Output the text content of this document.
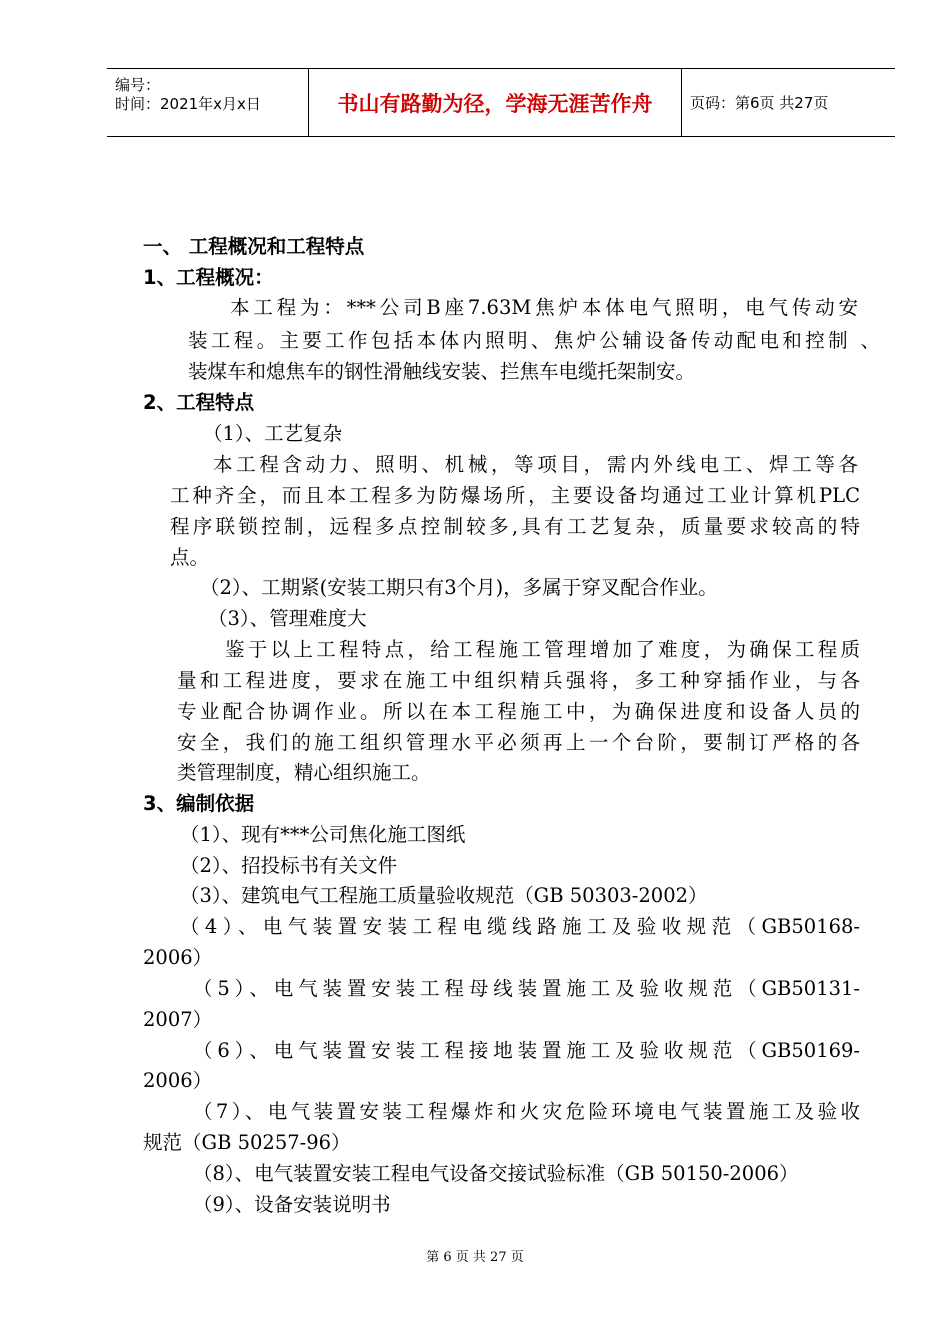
编号：
时间：2021年x月x日	书山有路勤为径，学海无涯苦作舟	页码：第6页 共27页
一、 工程概况和工程特点
1、工程概况：
本工程为：***公司B座7.63M焦炉本体电气照明，电气传动安
装工程。主要工作包括本体内照明、焦炉公辅设备传动配电和控制 、
装煤车和熄焦车的钢性滑触线安装、拦焦车电缆托架制安。
2、工程特点
（1）、工艺复杂
本工程含动力、照明、机械，等项目，需内外线电工、焊工等各
工种齐全，而且本工程多为防爆场所，主要设备均通过工业计算机PLC
程序联锁控制，远程多点控制较多,具有工艺复杂，质量要求较高的特
点。
（2）、工期紧(安装工期只有3个月)，多属于穿叉配合作业。
（3）、管理难度大
鉴于以上工程特点，给工程施工管理增加了难度，为确保工程质
量和工程进度，要求在施工中组织精兵强将，多工种穿插作业，与各
专业配合协调作业。所以在本工程施工中，为确保进度和设备人员的
安全，我们的施工组织管理水平必须再上一个台阶，要制订严格的各
类管理制度，精心组织施工。
3、编制依据
（1）、现有***公司焦化施工图纸
（2）、招投标书有关文件
（3）、建筑电气工程施工质量验收规范（GB 50303-2002）
（4）、电气装置安装工程电缆线路施工及验收规范（GB50168-
2006）
（5）、电气装置安装工程母线装置施工及验收规范（GB50131-
2007）
（6）、电气装置安装工程接地装置施工及验收规范（GB50169-
2006）
（7）、电气装置安装工程爆炸和火灾危险环境电气装置施工及验收
规范（GB 50257-96）
（8）、电气装置安装工程电气设备交接试验标准（GB 50150-2006）
（9）、设备安装说明书
第 6 页 共 27 页
